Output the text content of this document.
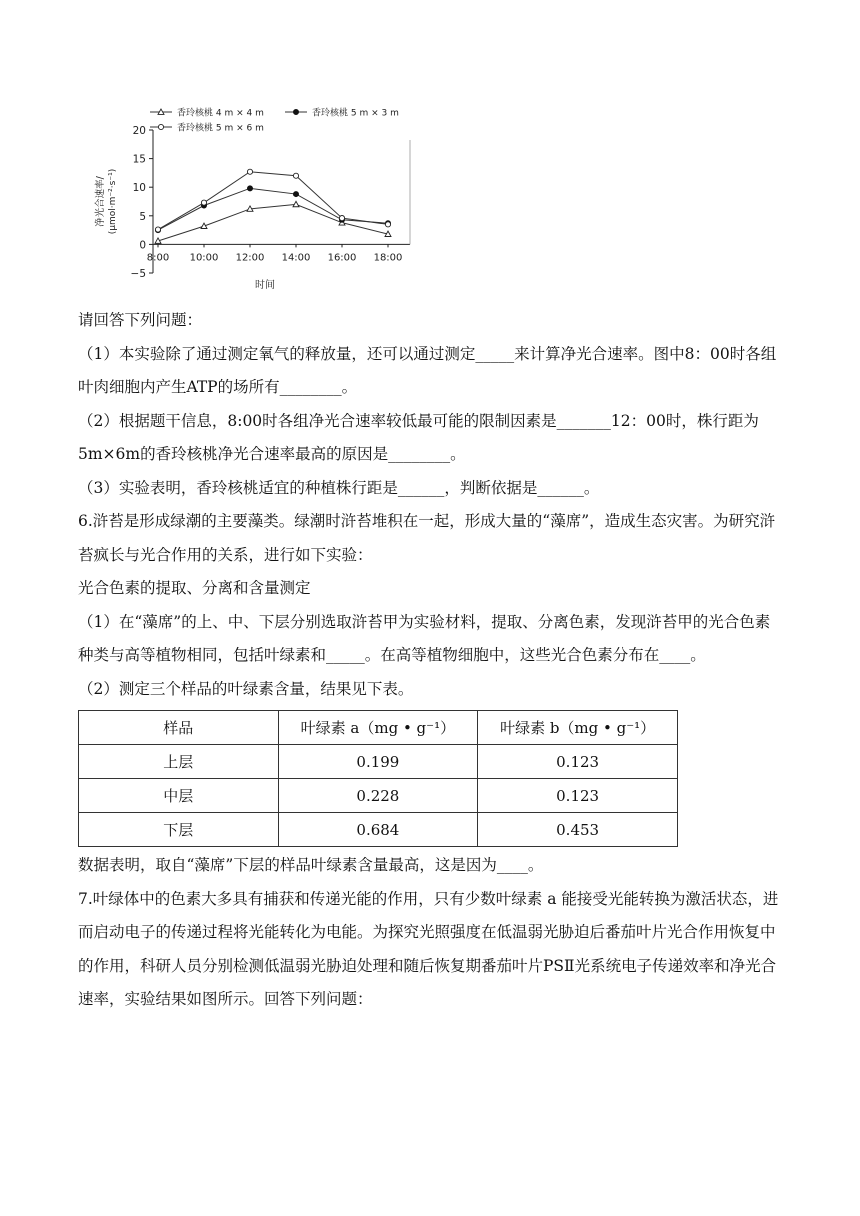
20
15
10
5
0
−5
8:00 10:00 12:00 14:00 16:00 18:00
时间
净光合速率/ (μmol·m⁻²·s⁻¹)
香玲核桃 4 m × 4 m	香玲核桃 5 m × 3 m
香玲核桃 5 m × 6 m

请回答下列问题：

（1）本实验除了通过测定氧气的释放量，还可以通过测定_____来计算净光合速率。图中8：00时各组叶肉细胞内产生ATP的场所有________。

（2）根据题干信息，8:00时各组净光合速率较低最可能的限制因素是_______12：00时，株行距为5m×6m的香玲核桃净光合速率最高的原因是________。

（3）实验表明，香玲核桃适宜的种植株行距是______，判断依据是______。

6.浒苔是形成绿潮的主要藻类。绿潮时浒苔堆积在一起，形成大量的“藻席”，造成生态灾害。为研究浒苔疯长与光合作用的关系，进行如下实验：

光合色素的提取、分离和含量测定

（1）在“藻席”的上、中、下层分别选取浒苔甲为实验材料，提取、分离色素，发现浒苔甲的光合色素种类与高等植物相同，包括叶绿素和_____。在高等植物细胞中，这些光合色素分布在____。

（2）测定三个样品的叶绿素含量，结果见下表。

样品	叶绿素 a（mg • g⁻¹）	叶绿素 b（mg • g⁻¹）
上层	0.199	0.123
中层	0.228	0.123
下层	0.684	0.453

数据表明，取自“藻席”下层的样品叶绿素含量最高，这是因为____。

7.叶绿体中的色素大多具有捕获和传递光能的作用，只有少数叶绿素 a 能接受光能转换为激活状态，进而启动电子的传递过程将光能转化为电能。为探究光照强度在低温弱光胁迫后番茄叶片光合作用恢复中的作用，科研人员分别检测低温弱光胁迫处理和随后恢复期番茄叶片PSⅡ光系统电子传递效率和净光合速率，实验结果如图所示。回答下列问题：
